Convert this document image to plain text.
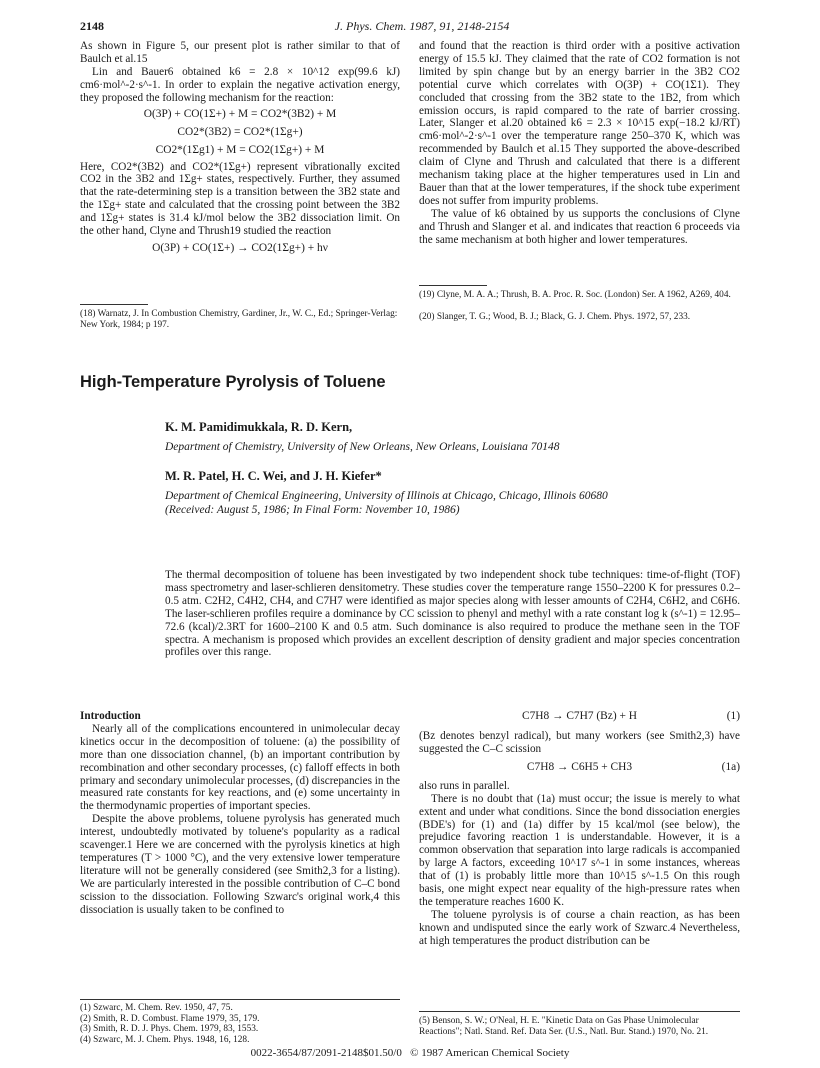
2148	J. Phys. Chem. 1987, 91, 2148-2154

As shown in Figure 5, our present plot is rather similar to that of Baulch et al.15

Lin and Bauer6 obtained k6 = 2.8 × 10^12 exp(99.6 kJ) cm6·mol^-2·s^-1. In order to explain the negative activation energy, they proposed the following mechanism for the reaction:

O(3P) + CO(1Σ+) + M = CO2*(3B2) + M
CO2*(3B2) = CO2*(1Σg+)
CO2*(1Σg1) + M = CO2(1Σg+) + M

Here, CO2*(3B2) and CO2*(1Σg+) represent vibrationally excited CO2 in the 3B2 and 1Σg+ states, respectively. Further, they assumed that the rate-determining step is a transition between the 3B2 state and the 1Σg+ state and calculated that the crossing point between the 3B2 and 1Σg+ states is 31.4 kJ/mol below the 3B2 dissociation limit. On the other hand, Clyne and Thrush19 studied the reaction

O(3P) + CO(1Σ+) → CO2(1Σg+) + hν

(18) Warnatz, J. In Combustion Chemistry, Gardiner, Jr., W. C., Ed.; Springer-Verlag: New York, 1984; p 197.

and found that the reaction is third order with a positive activation energy of 15.5 kJ. They claimed that the rate of CO2 formation is not limited by spin change but by an energy barrier in the 3B2 CO2 potential curve which correlates with O(3P) + CO(1Σ1). They concluded that crossing from the 3B2 state to the 1B2, from which emission occurs, is rapid compared to the rate of barrier crossing. Later, Slanger et al.20 obtained k6 = 2.3 × 10^15 exp(−18.2 kJ/RT) cm6·mol^-2·s^-1 over the temperature range 250–370 K, which was recommended by Baulch et al.15 They supported the above-described claim of Clyne and Thrush and calculated that there is a different mechanism taking place at the higher temperatures used in Lin and Bauer than that at the lower temperatures, if the shock tube experiment does not suffer from impurity problems.

The value of k6 obtained by us supports the conclusions of Clyne and Thrush and Slanger et al. and indicates that reaction 6 proceeds via the same mechanism at both higher and lower temperatures.

(19) Clyne, M. A. A.; Thrush, B. A. Proc. R. Soc. (London) Ser. A 1962, A269, 404.

(20) Slanger, T. G.; Wood, B. J.; Black, G. J. Chem. Phys. 1972, 57, 233.

High-Temperature Pyrolysis of Toluene
K. M. Pamidimukkala, R. D. Kern,
Department of Chemistry, University of New Orleans, New Orleans, Louisiana 70148
M. R. Patel, H. C. Wei, and J. H. Kiefer*
Department of Chemical Engineering, University of Illinois at Chicago, Chicago, Illinois 60680
(Received: August 5, 1986; In Final Form: November 10, 1986)

The thermal decomposition of toluene has been investigated by two independent shock tube techniques: time-of-flight (TOF) mass spectrometry and laser-schlieren densitometry. These studies cover the temperature range 1550–2200 K for pressures 0.2–0.5 atm. C2H2, C4H2, CH4, and C7H7 were identified as major species along with lesser amounts of C2H4, C6H2, and C6H6. The laser-schlieren profiles require a dominance by CC scission to phenyl and methyl with a rate constant log k (s^-1) = 12.95–72.6 (kcal)/2.3RT for 1600–2100 K and 0.5 atm. Such dominance is also required to produce the methane seen in the TOF spectra. A mechanism is proposed which provides an excellent description of density gradient and major species concentration profiles over this range.

Introduction

Nearly all of the complications encountered in unimolecular decay kinetics occur in the decomposition of toluene: (a) the possibility of more than one dissociation channel, (b) an important contribution by recombination and other secondary processes, (c) falloff effects in both primary and secondary unimolecular processes, (d) discrepancies in the measured rate constants for key reactions, and (e) some uncertainty in the thermodynamic properties of important species.

Despite the above problems, toluene pyrolysis has generated much interest, undoubtedly motivated by toluene's popularity as a radical scavenger.1 Here we are concerned with the pyrolysis kinetics at high temperatures (T > 1000 °C), and the very extensive lower temperature literature will not be generally considered (see Smith2,3 for a listing). We are particularly interested in the possible contribution of C–C bond scission to the dissociation. Following Szwarc's original work,4 this dissociation is usually taken to be confined to

(1) Szwarc, M. Chem. Rev. 1950, 47, 75.

(2) Smith, R. D. Combust. Flame 1979, 35, 179.

(3) Smith, R. D. J. Phys. Chem. 1979, 83, 1553.

(4) Szwarc, M. J. Chem. Phys. 1948, 16, 128.

C7H8 → C7H7 (Bz) + H	(1)

(Bz denotes benzyl radical), but many workers (see Smith2,3) have suggested the C–C scission

C7H8 → C6H5 + CH3	(1a)

also runs in parallel.

There is no doubt that (1a) must occur; the issue is merely to what extent and under what conditions. Since the bond dissociation energies (BDE's) for (1) and (1a) differ by 15 kcal/mol (see below), the prejudice favoring reaction 1 is understandable. However, it is a common observation that separation into large radicals is accompanied by large A factors, exceeding 10^17 s^-1 in some instances, whereas that of (1) is probably little more than 10^15 s^-1.5 On this rough basis, one might expect near equality of the high-pressure rates when the temperature reaches 1600 K.

The toluene pyrolysis is of course a chain reaction, as has been known and undisputed since the early work of Szwarc.4 Nevertheless, at high temperatures the product distribution can be

(5) Benson, S. W.; O'Neal, H. E. "Kinetic Data on Gas Phase Unimolecular Reactions"; Natl. Stand. Ref. Data Ser. (U.S., Natl. Bur. Stand.) 1970, No. 21.

0022-3654/87/2091-2148$01.50/0   © 1987 American Chemical Society
